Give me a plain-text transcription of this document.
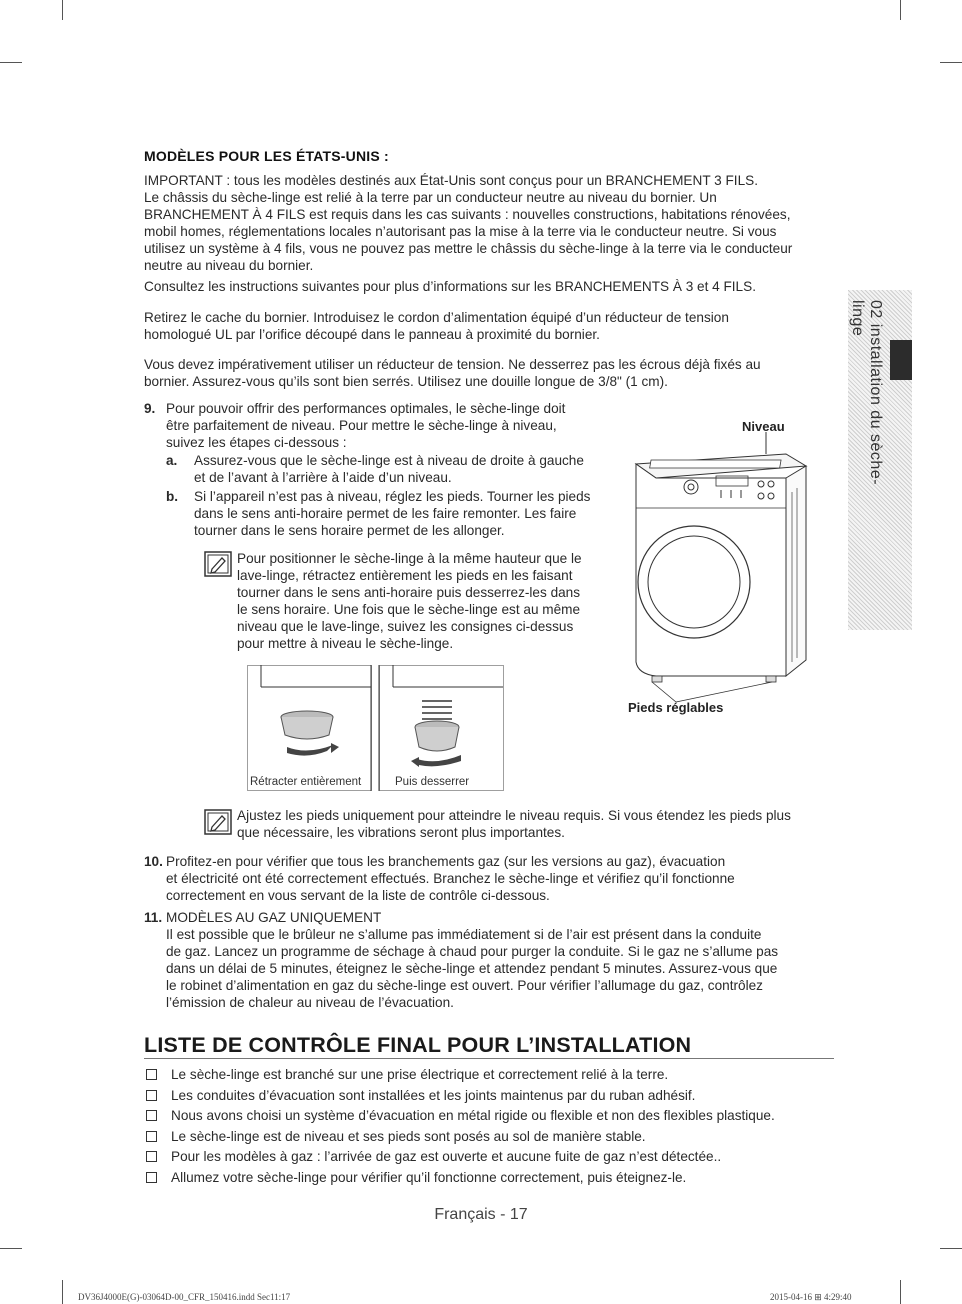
02 installation du sèche-linge
MODÈLES POUR LES ÉTATS-UNIS :
IMPORTANT : tous les modèles destinés aux État-Unis sont conçus pour un BRANCHEMENT 3 FILS.
Le châssis du sèche-linge est relié à la terre par un conducteur neutre au niveau du bornier. Un
BRANCHEMENT À 4 FILS est requis dans les cas suivants : nouvelles constructions, habitations rénovées,
mobil homes, réglementations locales n’autorisant pas la mise à la terre via le conducteur neutre. Si vous
utilisez un système à 4 fils, vous ne pouvez pas mettre le châssis du sèche-linge à la terre via le conducteur
neutre au niveau du bornier.
Consultez les instructions suivantes pour plus d’informations sur les BRANCHEMENTS À 3 et 4 FILS.
Retirez le cache du bornier. Introduisez le cordon d’alimentation équipé d’un réducteur de tension
homologué UL par l’orifice découpé dans le panneau à proximité du bornier.
Vous devez impérativement utiliser un réducteur de tension. Ne desserrez pas les écrous déjà fixés au
bornier. Assurez-vous qu’ils sont bien serrés. Utilisez une douille longue de 3/8" (1 cm).
9. Pour pouvoir offrir des performances optimales, le sèche-linge doit
être parfaitement de niveau. Pour mettre le sèche-linge à niveau,
suivez les étapes ci-dessous :
a. Assurez-vous que le sèche-linge est à niveau de droite à gauche
et de l’avant à l’arrière à l’aide d’un niveau.
b. Si l’appareil n’est pas à niveau, réglez les pieds. Tourner les pieds
dans le sens anti-horaire permet de les faire remonter. Les faire
tourner dans le sens horaire permet de les allonger.
Pour positionner le sèche-linge à la même hauteur que le
lave-linge, rétractez entièrement les pieds en les faisant
tourner dans le sens anti-horaire puis desserrez-les dans
le sens horaire. Une fois que le sèche-linge est au même
niveau que le lave-linge, suivez les consignes ci-dessus
pour mettre à niveau le sèche-linge.
Niveau
Pieds réglables
Rétracter entièrement	Puis desserrer
Ajustez les pieds uniquement pour atteindre le niveau requis. Si vous étendez les pieds plus
que nécessaire, les vibrations seront plus importantes.
10. Profitez-en pour vérifier que tous les branchements gaz (sur les versions au gaz), évacuation
et électricité ont été correctement effectués. Branchez le sèche-linge et vérifiez qu’il fonctionne
correctement en vous servant de la liste de contrôle ci-dessous.
11. MODÈLES AU GAZ UNIQUEMENT
Il est possible que le brûleur ne s’allume pas immédiatement si de l’air est présent dans la conduite
de gaz. Lancez un programme de séchage à chaud pour purger la conduite. Si le gaz ne s’allume pas
dans un délai de 5 minutes, éteignez le sèche-linge et attendez pendant 5 minutes. Assurez-vous que
le robinet d’alimentation en gaz du sèche-linge est ouvert. Pour vérifier l’allumage du gaz, contrôlez
l’émission de chaleur au niveau de l’évacuation.
LISTE DE CONTRÔLE FINAL POUR L’INSTALLATION
Le sèche-linge est branché sur une prise électrique et correctement relié à la terre.
Les conduites d’évacuation sont installées et les joints maintenus par du ruban adhésif.
Nous avons choisi un système d’évacuation en métal rigide ou flexible et non des flexibles plastique.
Le sèche-linge est de niveau et ses pieds sont posés au sol de manière stable.
Pour les modèles à gaz : l’arrivée de gaz est ouverte et aucune fuite de gaz n’est détectée..
Allumez votre sèche-linge pour vérifier qu’il fonctionne correctement, puis éteignez-le.
Français - 17
DV36J4000E(G)-03064D-00_CFR_150416.indd Sec11:17	2015-04-16 ⊞ 4:29:40
